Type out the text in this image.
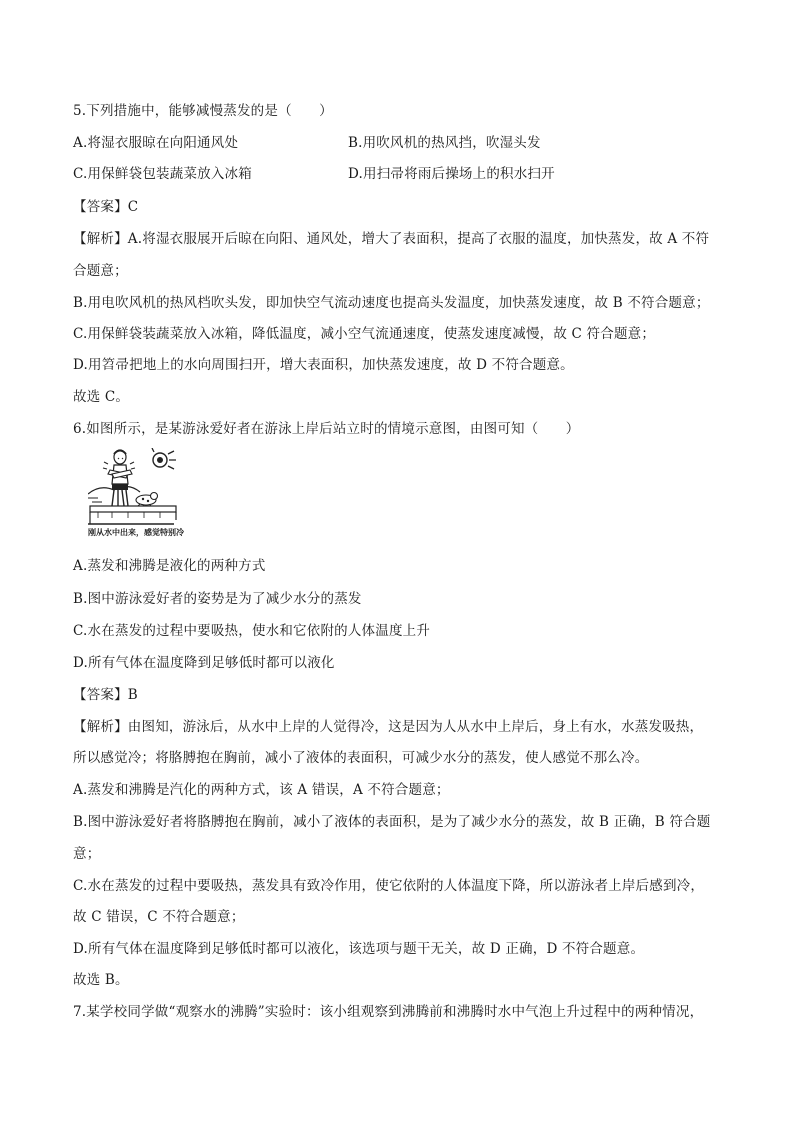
5.下列措施中，能够减慢蒸发的是（　　）
A.将湿衣服晾在向阳通风处	B.用吹风机的热风挡，吹湿头发
C.用保鲜袋包装蔬菜放入冰箱	D.用扫帚将雨后操场上的积水扫开
【答案】C
【解析】A.将湿衣服展开后晾在向阳、通风处，增大了表面积，提高了衣服的温度，加快蒸发，故 A 不符
合题意；
B.用电吹风机的热风档吹头发，即加快空气流动速度也提高头发温度，加快蒸发速度，故 B 不符合题意；
C.用保鲜袋装蔬菜放入冰箱，降低温度，减小空气流通速度，使蒸发速度减慢，故 C 符合题意；
D.用笤帚把地上的水向周围扫开，增大表面积，加快蒸发速度，故 D 不符合题意。
故选 C。
6.如图所示，是某游泳爱好者在游泳上岸后站立时的情境示意图，由图可知（　　）
刚从水中出来，感觉特别冷
A.蒸发和沸腾是液化的两种方式
B.图中游泳爱好者的姿势是为了减少水分的蒸发
C.水在蒸发的过程中要吸热，使水和它依附的人体温度上升
D.所有气体在温度降到足够低时都可以液化
【答案】B
【解析】由图知，游泳后，从水中上岸的人觉得冷，这是因为人从水中上岸后，身上有水，水蒸发吸热，
所以感觉冷；将胳膊抱在胸前，减小了液体的表面积，可减少水分的蒸发，使人感觉不那么冷。
A.蒸发和沸腾是汽化的两种方式，该 A 错误，A 不符合题意；
B.图中游泳爱好者将胳膊抱在胸前，减小了液体的表面积，是为了减少水分的蒸发，故 B 正确，B 符合题
意；
C.水在蒸发的过程中要吸热，蒸发具有致冷作用，使它依附的人体温度下降，所以游泳者上岸后感到冷，
故 C 错误，C 不符合题意；
D.所有气体在温度降到足够低时都可以液化，该选项与题干无关，故 D 正确，D 不符合题意。
故选 B。
7.某学校同学做“观察水的沸腾”实验时：该小组观察到沸腾前和沸腾时水中气泡上升过程中的两种情况，
